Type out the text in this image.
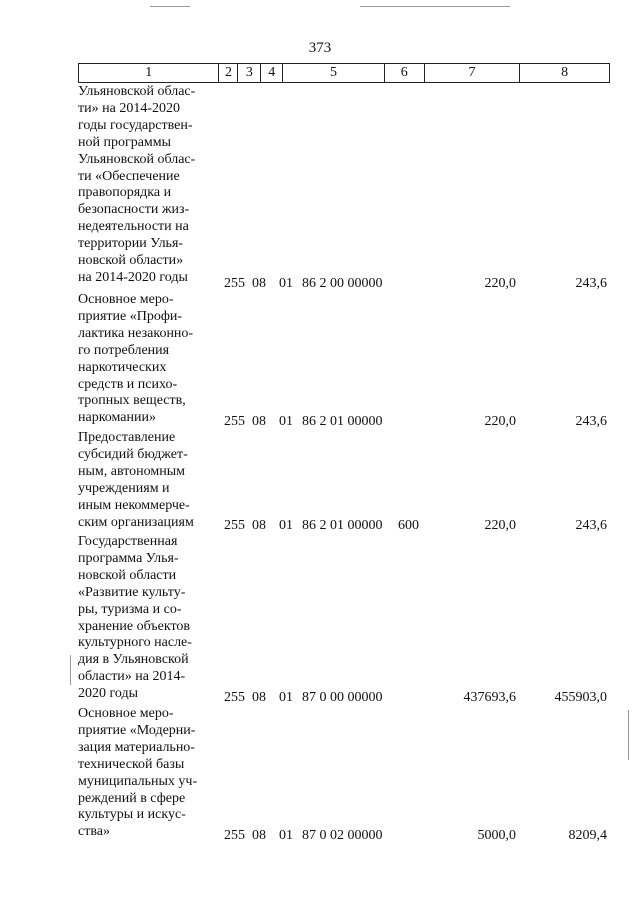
373
1	2 3	4	5	6	7	8
Ульяновской облас-
ти» на 2014-2020
годы государствен-
ной программы
Ульяновской облас-
ти «Обеспечение
правопорядка и
безопасности жиз-
недеятельности на
территории Улья-
новской области»
на 2014-2020 годы	255 08 01 86 2 00 00000	220,0	243,6
Основное меро-
приятие «Профи-
лактика незаконно-
го потребления
наркотических
средств и психо-
тропных веществ,
наркомании»	255 08 01 86 2 01 00000	220,0	243,6
Предоставление
субсидий бюджет-
ным, автономным
учреждениям и
иным некоммерче-
ским организациям	255 08 01 86 2 01 00000 600	220,0	243,6
Государственная
программа Улья-
новской области
«Развитие культу-
ры, туризма и со-
хранение объектов
культурного насле-
дия в Ульяновской
области» на 2014-
2020 годы	255 08 01 87 0 00 00000	437693,6	455903,0
Основное меро-
приятие «Модерни-
зация материально-
технической базы
муниципальных уч-
реждений в сфере
культуры и искус-
ства»	255 08 01 87 0 02 00000	5000,0	8209,4
